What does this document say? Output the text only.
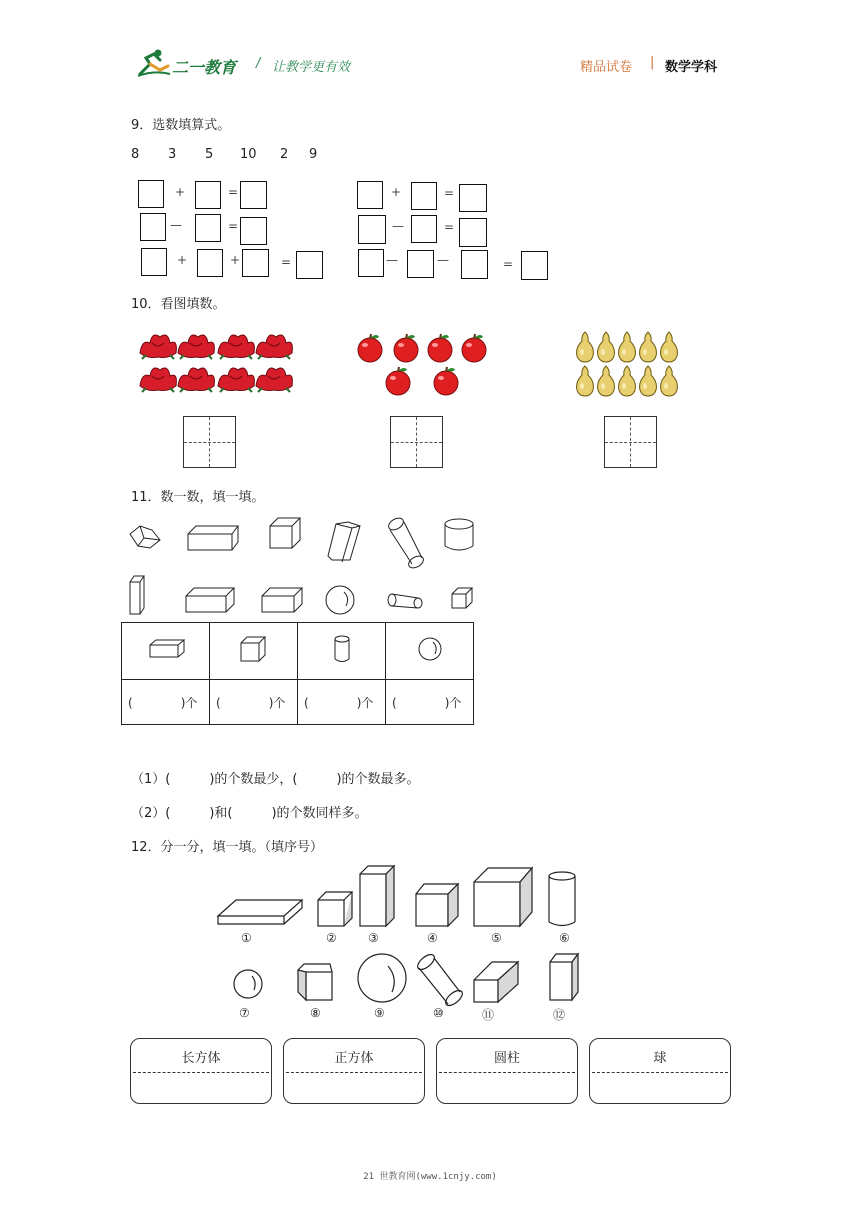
二一教育 / 让教学更有效	精品试卷 | 数学学科
9．选数填算式。
8 3 5 10 2 9
+	=
—	=
+	+	=
+	=
—	=
—	—	=
10．看图填数。
11．数一数，填一填。

( )个	( )个	( )个	( )个
（1）(　　　)的个数最少，(　　　)的个数最多。
（2）(　　　)和(　　　)的个数同样多。
12．分一分，填一填。（填序号）
①	②	③	④	⑤	⑥
⑦	⑧	⑨	⑩	⑪	⑫
长方体	正方体	圆柱	球
21 世教育网(www.1cnjy.com)
